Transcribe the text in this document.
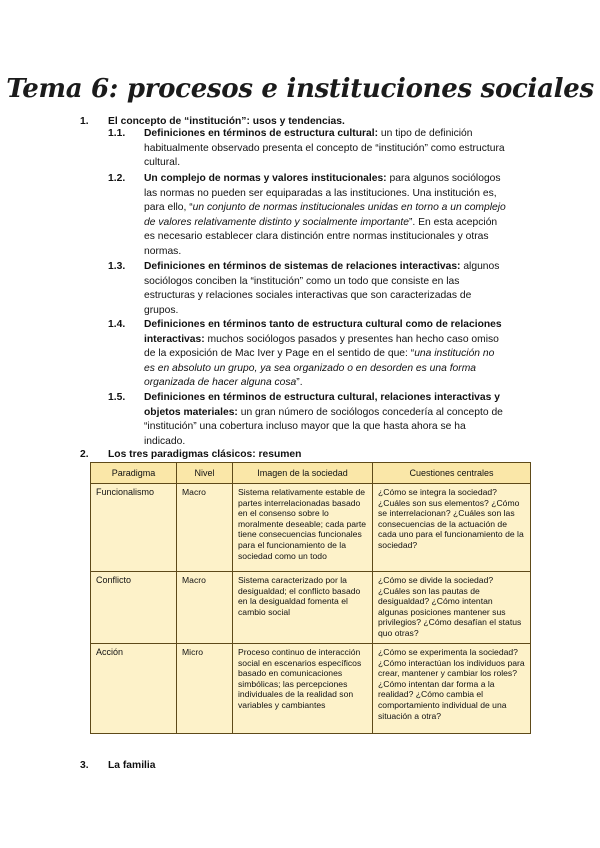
Tema 6: procesos e instituciones sociales
1. El concepto de “institución”: usos y tendencias.
1.1. Definiciones en términos de estructura cultural: un tipo de definición habitualmente observado presenta el concepto de “institución” como estructura cultural.
1.2. Un complejo de normas y valores institucionales: para algunos sociólogos las normas no pueden ser equiparadas a las instituciones. Una institución es, para ello, “un conjunto de normas institucionales unidas en torno a un complejo de valores relativamente distinto y socialmente importante”. En esta acepción es necesario establecer clara distinción entre normas institucionales y otras normas.
1.3. Definiciones en términos de sistemas de relaciones interactivas: algunos sociólogos conciben la “institución” como un todo que consiste en las estructuras y relaciones sociales interactivas que son caracterizadas de grupos.
1.4. Definiciones en términos tanto de estructura cultural como de relaciones interactivas: muchos sociólogos pasados y presentes han hecho caso omiso de la exposición de Mac Iver y Page en el sentido de que: “una institución no es en absoluto un grupo, ya sea organizado o en desorden es una forma organizada de hacer alguna cosa”.
1.5. Definiciones en términos de estructura cultural, relaciones interactivas y objetos materiales: un gran número de sociólogos concedería al concepto de “institución” una cobertura incluso mayor que la que hasta ahora se ha indicado.
2. Los tres paradigmas clásicos: resumen
Paradigma	Nivel	Imagen de la sociedad	Cuestiones centrales
Funcionalismo	Macro	Sistema relativamente estable de partes interrelacionadas basado en el consenso sobre lo moralmente deseable; cada parte tiene consecuencias funcionales para el funcionamiento de la sociedad como un todo	¿Cómo se integra la sociedad? ¿Cuáles son sus elementos? ¿Cómo se interrelacionan? ¿Cuáles son las consecuencias de la actuación de cada uno para el funcionamiento de la sociedad?
Conflicto	Macro	Sistema caracterizado por la desigualdad; el conflicto basado en la desigualdad fomenta el cambio social	¿Cómo se divide la sociedad? ¿Cuáles son las pautas de desigualdad? ¿Cómo intentan algunas posiciones mantener sus privilegios? ¿Cómo desafían el status quo otras?
Acción	Micro	Proceso continuo de interacción social en escenarios específicos basado en comunicaciones simbólicas; las percepciones individuales de la realidad son variables y cambiantes	¿Cómo se experimenta la sociedad? ¿Cómo interactúan los individuos para crear, mantener y cambiar los roles? ¿Cómo intentan dar forma a la realidad? ¿Cómo cambia el comportamiento individual de una situación a otra?
3. La familia
